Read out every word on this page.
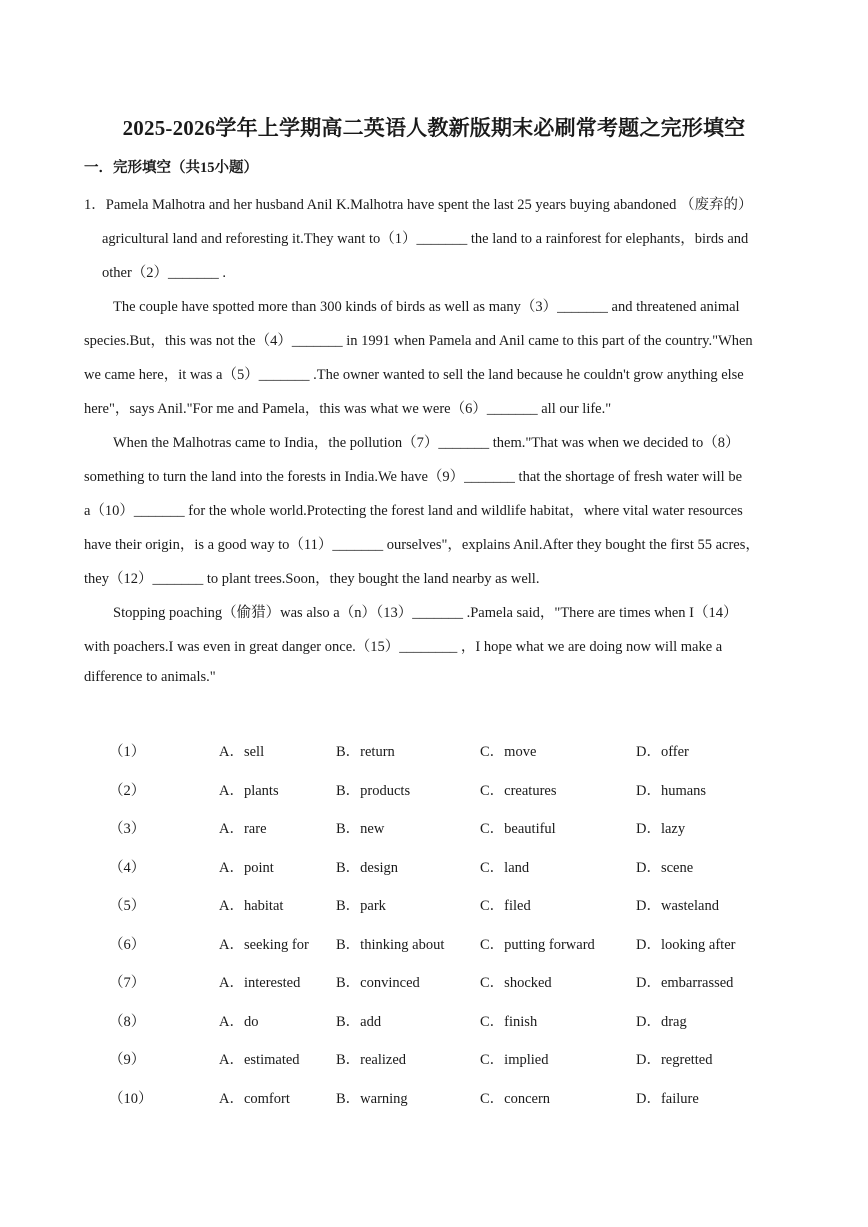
2025-2026学年上学期高二英语人教新版期末必刷常考题之完形填空
一．完形填空（共15小题）
1．Pamela Malhotra and her husband Anil K.Malhotra have spent the last 25 years buying abandoned （废弃的）
agricultural land and reforesting it.They want to（1）_______ the land to a rainforest for elephants，birds and
other（2）_______ .
The couple have spotted more than 300 kinds of birds as well as many（3）_______ and threatened animal
species.But，this was not the（4）_______ in 1991 when Pamela and Anil came to this part of the country."When
we came here，it was a（5）_______ .The owner wanted to sell the land because he couldn't grow anything else
here"，says Anil."For me and Pamela，this was what we were（6）_______ all our life."
When the Malhotras came to India，the pollution（7）_______ them."That was when we decided to（8）
something to turn the land into the forests in India.We have（9）_______ that the shortage of fresh water will be
a（10）_______ for the whole world.Protecting the forest land and wildlife habitat，where vital water resources
have their origin，is a good way to（11）_______ ourselves"，explains Anil.After they bought the first 55 acres，
they（12）_______ to plant trees.Soon，they bought the land nearby as well.
Stopping poaching（偷猎）was also a（n）（13）_______ .Pamela said，"There are times when I（14）
with poachers.I was even in great danger once.（15）________ ，I hope what we are doing now will make a
difference to animals."
（1）	A．sell	B．return	C．move	D．offer
（2）	A．plants	B．products	C．creatures	D．humans
（3）	A．rare	B．new	C．beautiful	D．lazy
（4）	A．point	B．design	C．land	D．scene
（5）	A．habitat	B．park	C．filed	D．wasteland
（6）	A．seeking for B．thinking about C．putting forward	D．looking after
（7）	A．interested B．convinced	C．shocked	D．embarrassed
（8）	A．do	B．add	C．finish	D．drag
（9）	A．estimated	B．realized	C．implied	D．regretted
（10）	A．comfort	B．warning	C．concern	D．failure
